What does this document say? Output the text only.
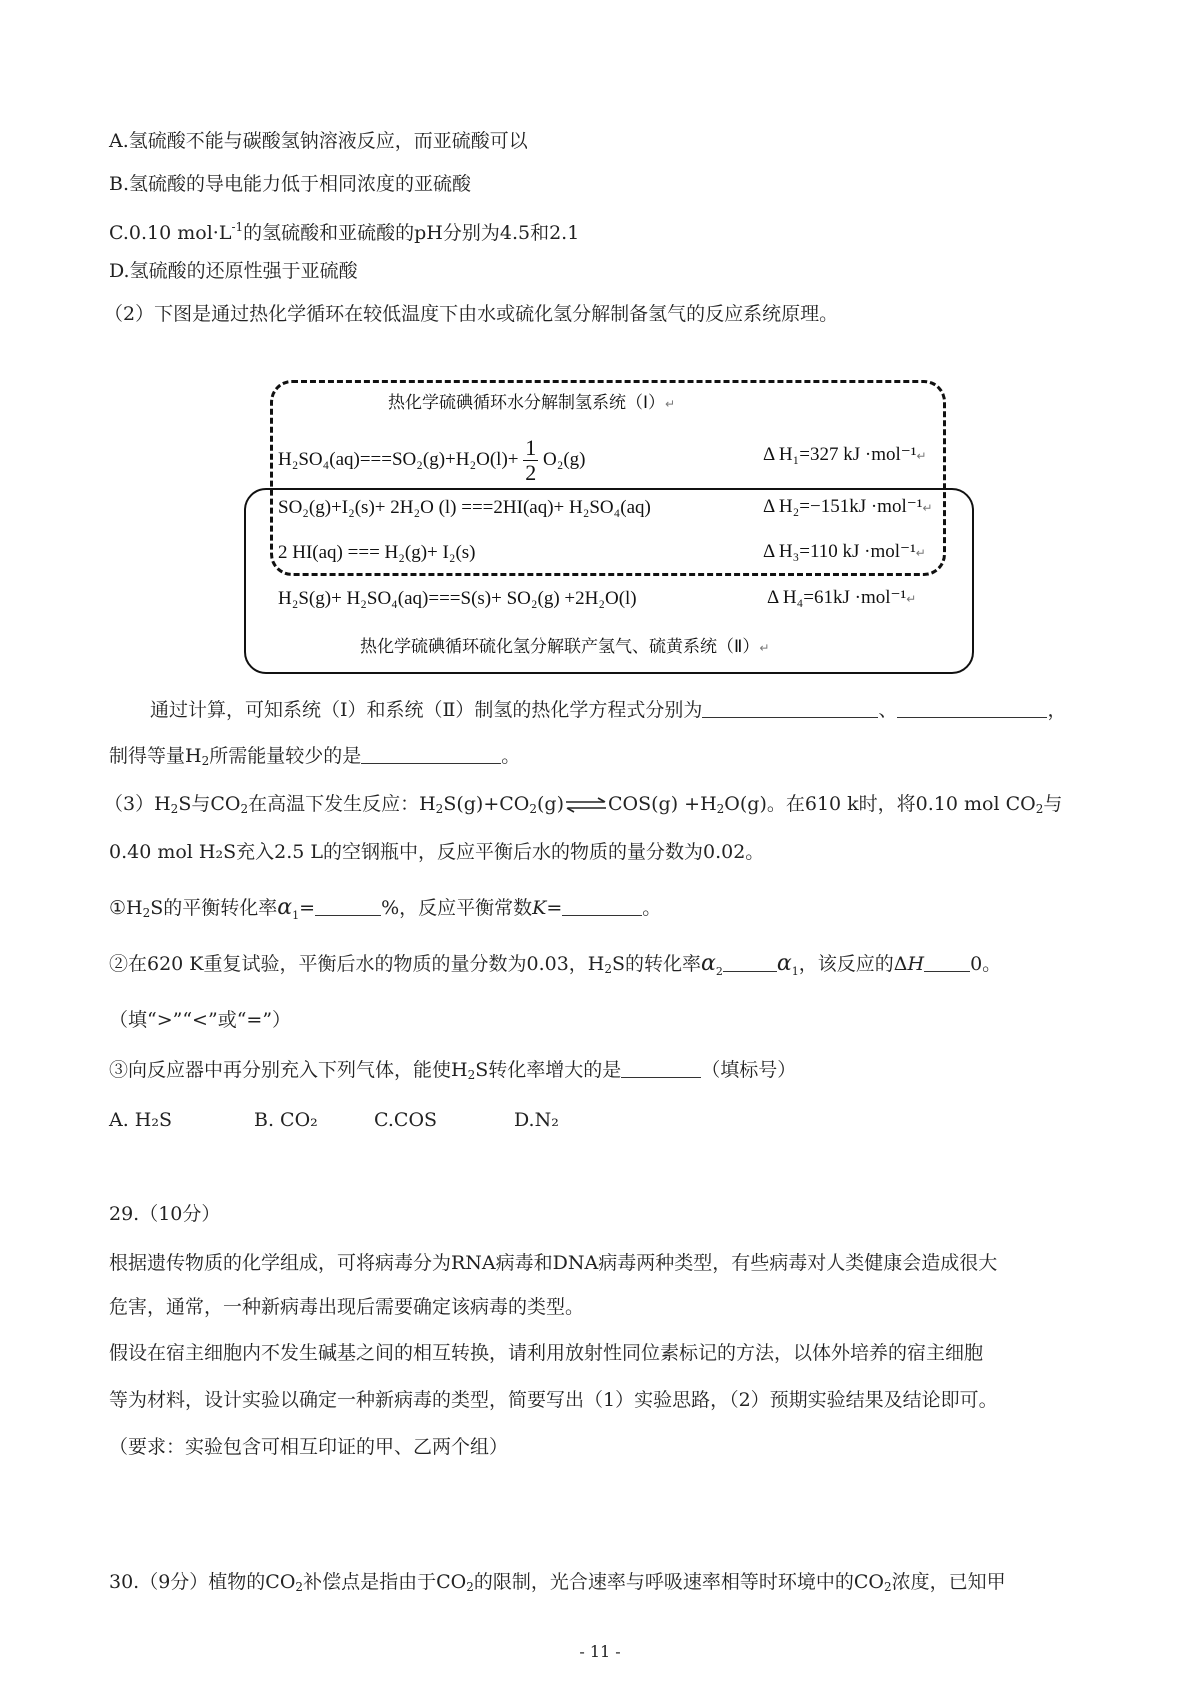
A.氢硫酸不能与碳酸氢钠溶液反应，而亚硫酸可以
B.氢硫酸的导电能力低于相同浓度的亚硫酸
C.0.10 $mol\cdot L^{-1}$的氢硫酸和亚硫酸的pH分别为4.5和2.1
D.氢硫酸的还原性强于亚硫酸
（2）下图是通过热化学循环在较低温度下由水或硫化氢分解制备氢气的反应系统原理。
热化学硫碘循环水分解制氢系统（Ⅰ）↵
$H_2SO_4(aq)===SO_2(g)+H_2O(l)+ \frac{1}{2} O_2(g)$	Δ H₁=327 kJ ·mol⁻¹↵
SO₂(g)+I₂(s)+ 2H₂O (l) ===2HI(aq)+ H₂SO₄(aq)	Δ H₂=−151kJ ·mol⁻¹↵
2 HI(aq) === H₂(g)+ I₂(s)	Δ H₃=110 kJ ·mol⁻¹↵
H₂S(g)+ H₂SO₄(aq)===S(s)+ SO₂(g) +2H₂O(l)	Δ H₄=61kJ ·mol⁻¹↵
热化学硫碘循环硫化氢分解联产氢气、硫黄系统（Ⅱ）↵
通过计算，可知系统（Ⅰ）和系统（Ⅱ）制氢的热化学方程式分别为	、	，
制得等量$H_2$所需能量较少的是	。
$(3)H_2S$与$CO_2$在高温下发生反应：$H_2S(g)+CO_2(g)\rightleftharpoons COS(g) +H_2O(g)$。在610 k时，将0.10 mol $CO_2$与
0.40 mol H₂S充入2.5 L的空钢瓶中，反应平衡后水的物质的量分数为0.02。
$①H_2S$的平衡转化率$\alpha_1=$	%，反应平衡常数K=	。
②在620 K重复试验，平衡后水的物质的量分数为0.03，$H_2S$的转化率$\alpha_2$ $\alpha_1$，该反应的ΔH 0。
（填“>”“<”或“=”）
③向反应器中再分别充入下列气体，能使$H_2S$转化率增大的是	（填标号）
A. H₂S	B. CO₂	C.COS	D.N₂
29.（10分）
根据遗传物质的化学组成，可将病毒分为RNA病毒和DNA病毒两种类型，有些病毒对人类健康会造成很大
危害，通常，一种新病毒出现后需要确定该病毒的类型。
假设在宿主细胞内不发生碱基之间的相互转换，请利用放射性同位素标记的方法，以体外培养的宿主细胞
等为材料，设计实验以确定一种新病毒的类型，简要写出（1）实验思路，（2）预期实验结果及结论即可。
（要求：实验包含可相互印证的甲、乙两个组）
30.（9分）植物的$CO_2$补偿点是指由于$CO_2$的限制，光合速率与呼吸速率相等时环境中的$CO_2$浓度，已知甲
- 11 -
